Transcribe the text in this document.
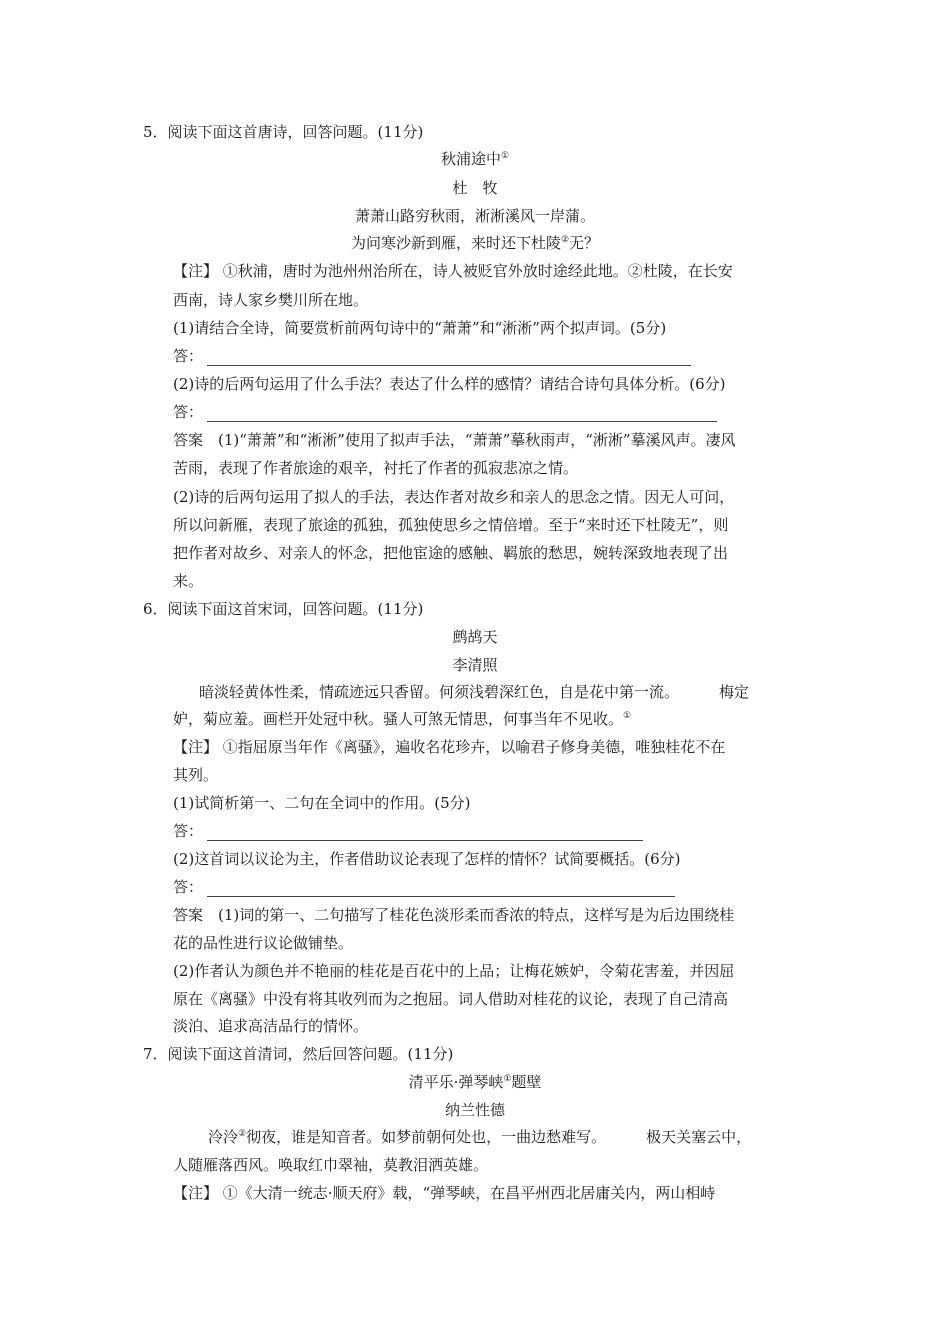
5．阅读下面这首唐诗，回答问题。(11分)
秋浦途中①
杜　牧
萧萧山路穷秋雨，淅淅溪风一岸蒲。
为问寒沙新到雁，来时还下杜陵②无？
【注】 ①秋浦，唐时为池州州治所在，诗人被贬官外放时途经此地。②杜陵，在长安
西南，诗人家乡樊川所在地。
(1)请结合全诗，简要赏析前两句诗中的“萧萧”和“淅淅”两个拟声词。(5分)
答：
(2)诗的后两句运用了什么手法？表达了什么样的感情？请结合诗句具体分析。(6分)
答：
答案　(1)“萧萧”和“淅淅”使用了拟声手法，“萧萧”摹秋雨声，“淅淅”摹溪风声。凄风
苦雨，表现了作者旅途的艰辛，衬托了作者的孤寂悲凉之情。
(2)诗的后两句运用了拟人的手法，表达作者对故乡和亲人的思念之情。因无人可问，
所以问新雁，表现了旅途的孤独，孤独使思乡之情倍增。至于“来时还下杜陵无”，则
把作者对故乡、对亲人的怀念，把他宦途的感触、羁旅的愁思，婉转深致地表现了出
来。
6．阅读下面这首宋词，回答问题。(11分)
鹧鸪天
李清照
暗淡轻黄体性柔，情疏迹远只香留。何须浅碧深红色，自是花中第一流。	梅定
妒，菊应羞。画栏开处冠中秋。骚人可煞无情思，何事当年不见收。①
【注】 ①指屈原当年作《离骚》，遍收名花珍卉，以喻君子修身美德，唯独桂花不在
其列。
(1)试简析第一、二句在全词中的作用。(5分)
答：
(2)这首词以议论为主，作者借助议论表现了怎样的情怀？试简要概括。(6分)
答：
答案　(1)词的第一、二句描写了桂花色淡形柔而香浓的特点，这样写是为后边围绕桂
花的品性进行议论做铺垫。
(2)作者认为颜色并不艳丽的桂花是百花中的上品；让梅花嫉妒，令菊花害羞，并因屈
原在《离骚》中没有将其收列而为之抱屈。词人借助对桂花的议论，表现了自己清高
淡泊、追求高洁品行的情怀。
7．阅读下面这首清词，然后回答问题。(11分)
清平乐·弹琴峡①题壁
纳兰性德
泠泠②彻夜，谁是知音者。如梦前朝何处也，一曲边愁难写。	极天关塞云中，
人随雁落西风。唤取红巾翠袖，莫教泪洒英雄。
【注】 ①《大清一统志·顺天府》载，“弹琴峡，在昌平州西北居庸关内，两山相峙
